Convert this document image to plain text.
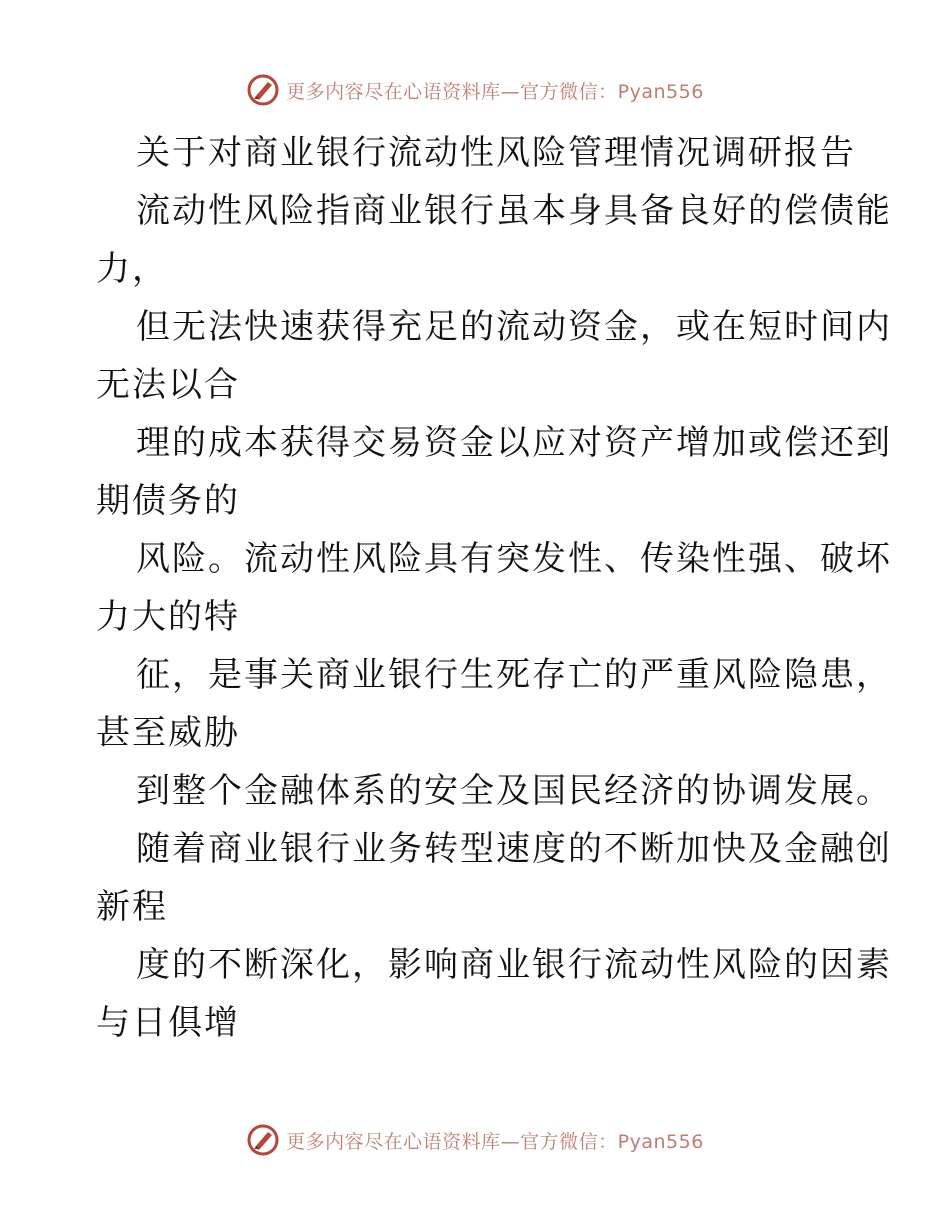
更多内容尽在心语资料库—官方微信：Pyan556
关于对商业银行流动性风险管理情况调研报告
流动性风险指商业银行虽本身具备良好的偿债能
力，
但无法快速获得充足的流动资金，或在短时间内
无法以合
理的成本获得交易资金以应对资产增加或偿还到
期债务的
风险。流动性风险具有突发性、传染性强、破坏
力大的特
征，是事关商业银行生死存亡的严重风险隐患，
甚至威胁
到整个金融体系的安全及国民经济的协调发展。
随着商业银行业务转型速度的不断加快及金融创
新程
度的不断深化，影响商业银行流动性风险的因素
与日俱增
更多内容尽在心语资料库—官方微信：Pyan556
